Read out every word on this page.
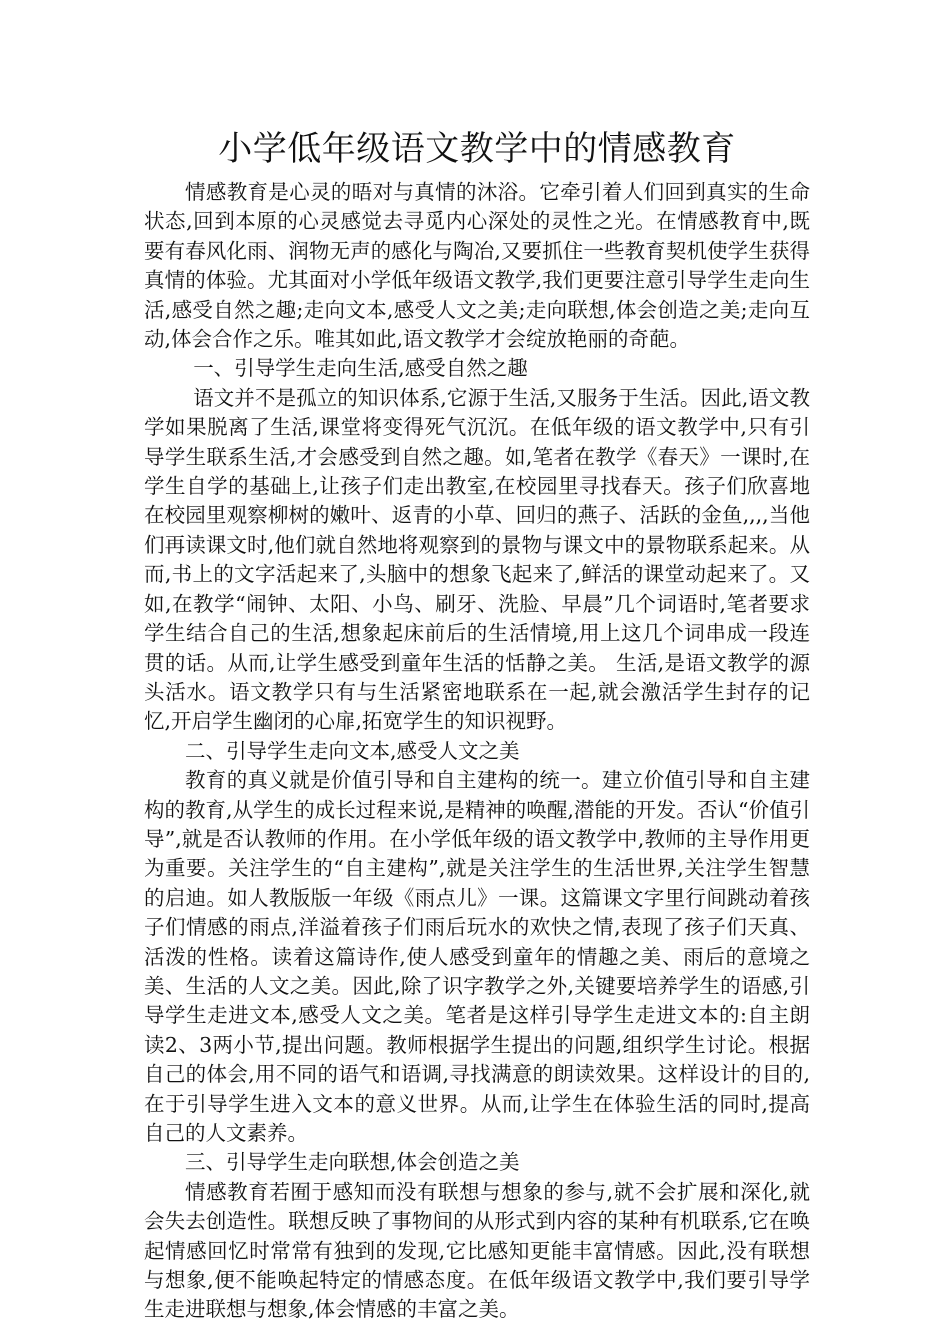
小学低年级语文教学中的情感教育

情感教育是心灵的晤对与真情的沐浴。它牵引着人们回到真实的生命状态,回到本原的心灵感觉去寻觅内心深处的灵性之光。在情感教育中,既要有春风化雨、润物无声的感化与陶冶,又要抓住一些教育契机使学生获得真情的体验。尤其面对小学低年级语文教学,我们更要注意引导学生走向生活,感受自然之趣;走向文本,感受人文之美;走向联想,体会创造之美;走向互动,体会合作之乐。唯其如此,语文教学才会绽放艳丽的奇葩。

一、引导学生走向生活,感受自然之趣

语文并不是孤立的知识体系,它源于生活,又服务于生活。因此,语文教学如果脱离了生活,课堂将变得死气沉沉。在低年级的语文教学中,只有引导学生联系生活,才会感受到自然之趣。如,笔者在教学《春天》一课时,在学生自学的基础上,让孩子们走出教室,在校园里寻找春天。孩子们欣喜地在校园里观察柳树的嫩叶、返青的小草、回归的燕子、活跃的金鱼,,,,当他们再读课文时,他们就自然地将观察到的景物与课文中的景物联系起来。从而,书上的文字活起来了,头脑中的想象飞起来了,鲜活的课堂动起来了。又如,在教学“闹钟、太阳、小鸟、刷牙、洗脸、早晨”几个词语时,笔者要求学生结合自己的生活,想象起床前后的生活情境,用上这几个词串成一段连贯的话。从而,让学生感受到童年生活的恬静之美。 生活,是语文教学的源头活水。语文教学只有与生活紧密地联系在一起,就会激活学生封存的记忆,开启学生幽闭的心扉,拓宽学生的知识视野。

二、引导学生走向文本,感受人文之美

教育的真义就是价值引导和自主建构的统一。建立价值引导和自主建构的教育,从学生的成长过程来说,是精神的唤醒,潜能的开发。否认“价值引导”,就是否认教师的作用。在小学低年级的语文教学中,教师的主导作用更为重要。关注学生的“自主建构”,就是关注学生的生活世界,关注学生智慧的启迪。如人教版版一年级《雨点儿》一课。这篇课文字里行间跳动着孩子们情感的雨点,洋溢着孩子们雨后玩水的欢快之情,表现了孩子们天真、活泼的性格。读着这篇诗作,使人感受到童年的情趣之美、雨后的意境之美、生活的人文之美。因此,除了识字教学之外,关键要培养学生的语感,引导学生走进文本,感受人文之美。笔者是这样引导学生走进文本的:自主朗读2、3两小节,提出问题。教师根据学生提出的问题,组织学生讨论。根据自己的体会,用不同的语气和语调,寻找满意的朗读效果。这样设计的目的,在于引导学生进入文本的意义世界。从而,让学生在体验生活的同时,提高自己的人文素养。

三、引导学生走向联想,体会创造之美

情感教育若囿于感知而没有联想与想象的参与,就不会扩展和深化,就会失去创造性。联想反映了事物间的从形式到内容的某种有机联系,它在唤起情感回忆时常常有独到的发现,它比感知更能丰富情感。因此,没有联想与想象,便不能唤起特定的情感态度。在低年级语文教学中,我们要引导学生走进联想与想象,体会情感的丰富之美。
